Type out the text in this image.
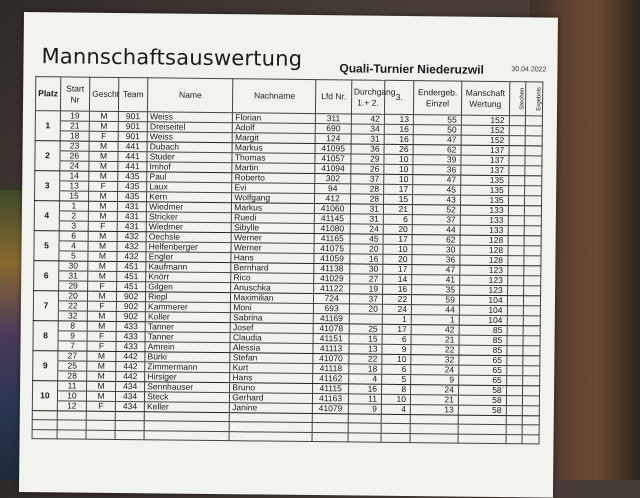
Mannschaftsauswertung	Quali-Turnier Niederuzwil	30.04.2022
Platz	Start Nr	Gescht	Team	Name	Nachname	Lfd Nr.	Durchgang 1.+ 2.	3.	Endergeb. Einzel	Manschaft Wertung	Stechen	Ergebnis
	19	M	901	Weiss	Florian	311	42	13	55	152		
1	21	M	901	Dreiseitel	Adolf	690	34	16	50	152		
	18	F	901	Weiss	Margit	124	31	16	47	152		
	23	M	441	Dubach	Markus	41095	36	26	62	137		
2	26	M	441	Studer	Thomas	41057	29	10	39	137		
	24	M	441	Imhof	Martin	41094	26	10	36	137		
	14	M	435	Paul	Roberto	302	37	10	47	135		
3	13	F	435	Laux	Evi	94	28	17	45	135		
	15	M	435	Kern	Wolfgang	412	28	15	43	135		
	1	M	431	Wiedmer	Markus	41060	31	21	52	133		
4	2	M	431	Stricker	Ruedi	41145	31	6	37	133		
	3	F	431	Wiedmer	Sibylle	41080	24	20	44	133		
	6	M	432	Oechsle	Werner	41165	45	17	62	128		
5	4	M	432	Helfenberger	Werner	41075	20	10	30	128		
	5	M	432	Engler	Hans	41059	16	20	36	128		
	30	M	451	Kaufmann	Bernhard	41138	30	17	47	123		
6	31	M	451	Knörr	Rico	41029	27	14	41	123		
	29	F	451	Gilgen	Anuschka	41122	19	16	35	123		
	20	M	902	Riepl	Maximilian	724	37	22	59	104		
7	22	F	902	Kammerer	Moni	693	20	24	44	104		
	32	M	902	Koller	Sabrina	41169		1	1	104		
	8	M	433	Tanner	Josef	41078	25	17	42	85		
8	9	F	433	Tanner	Claudia	41151	15	6	21	85		
	7	F	433	Amrein	Alessia	41113	13	9	22	85		
	27	M	442	Bürki	Stefan	41070	22	10	32	65		
9	25	M	442	Zimmermann	Kurt	41118	18	6	24	65		
	28	M	442	Hirsiger	Hans	41162	4	5	9	65		
	11	M	434	Sennhauser	Bruno	41115	16	8	24	58		
10	10	M	434	Steck	Gerhard	41163	11	10	21	58		
	12	F	434	Keller	Janine	41079	9	4	13	58		
